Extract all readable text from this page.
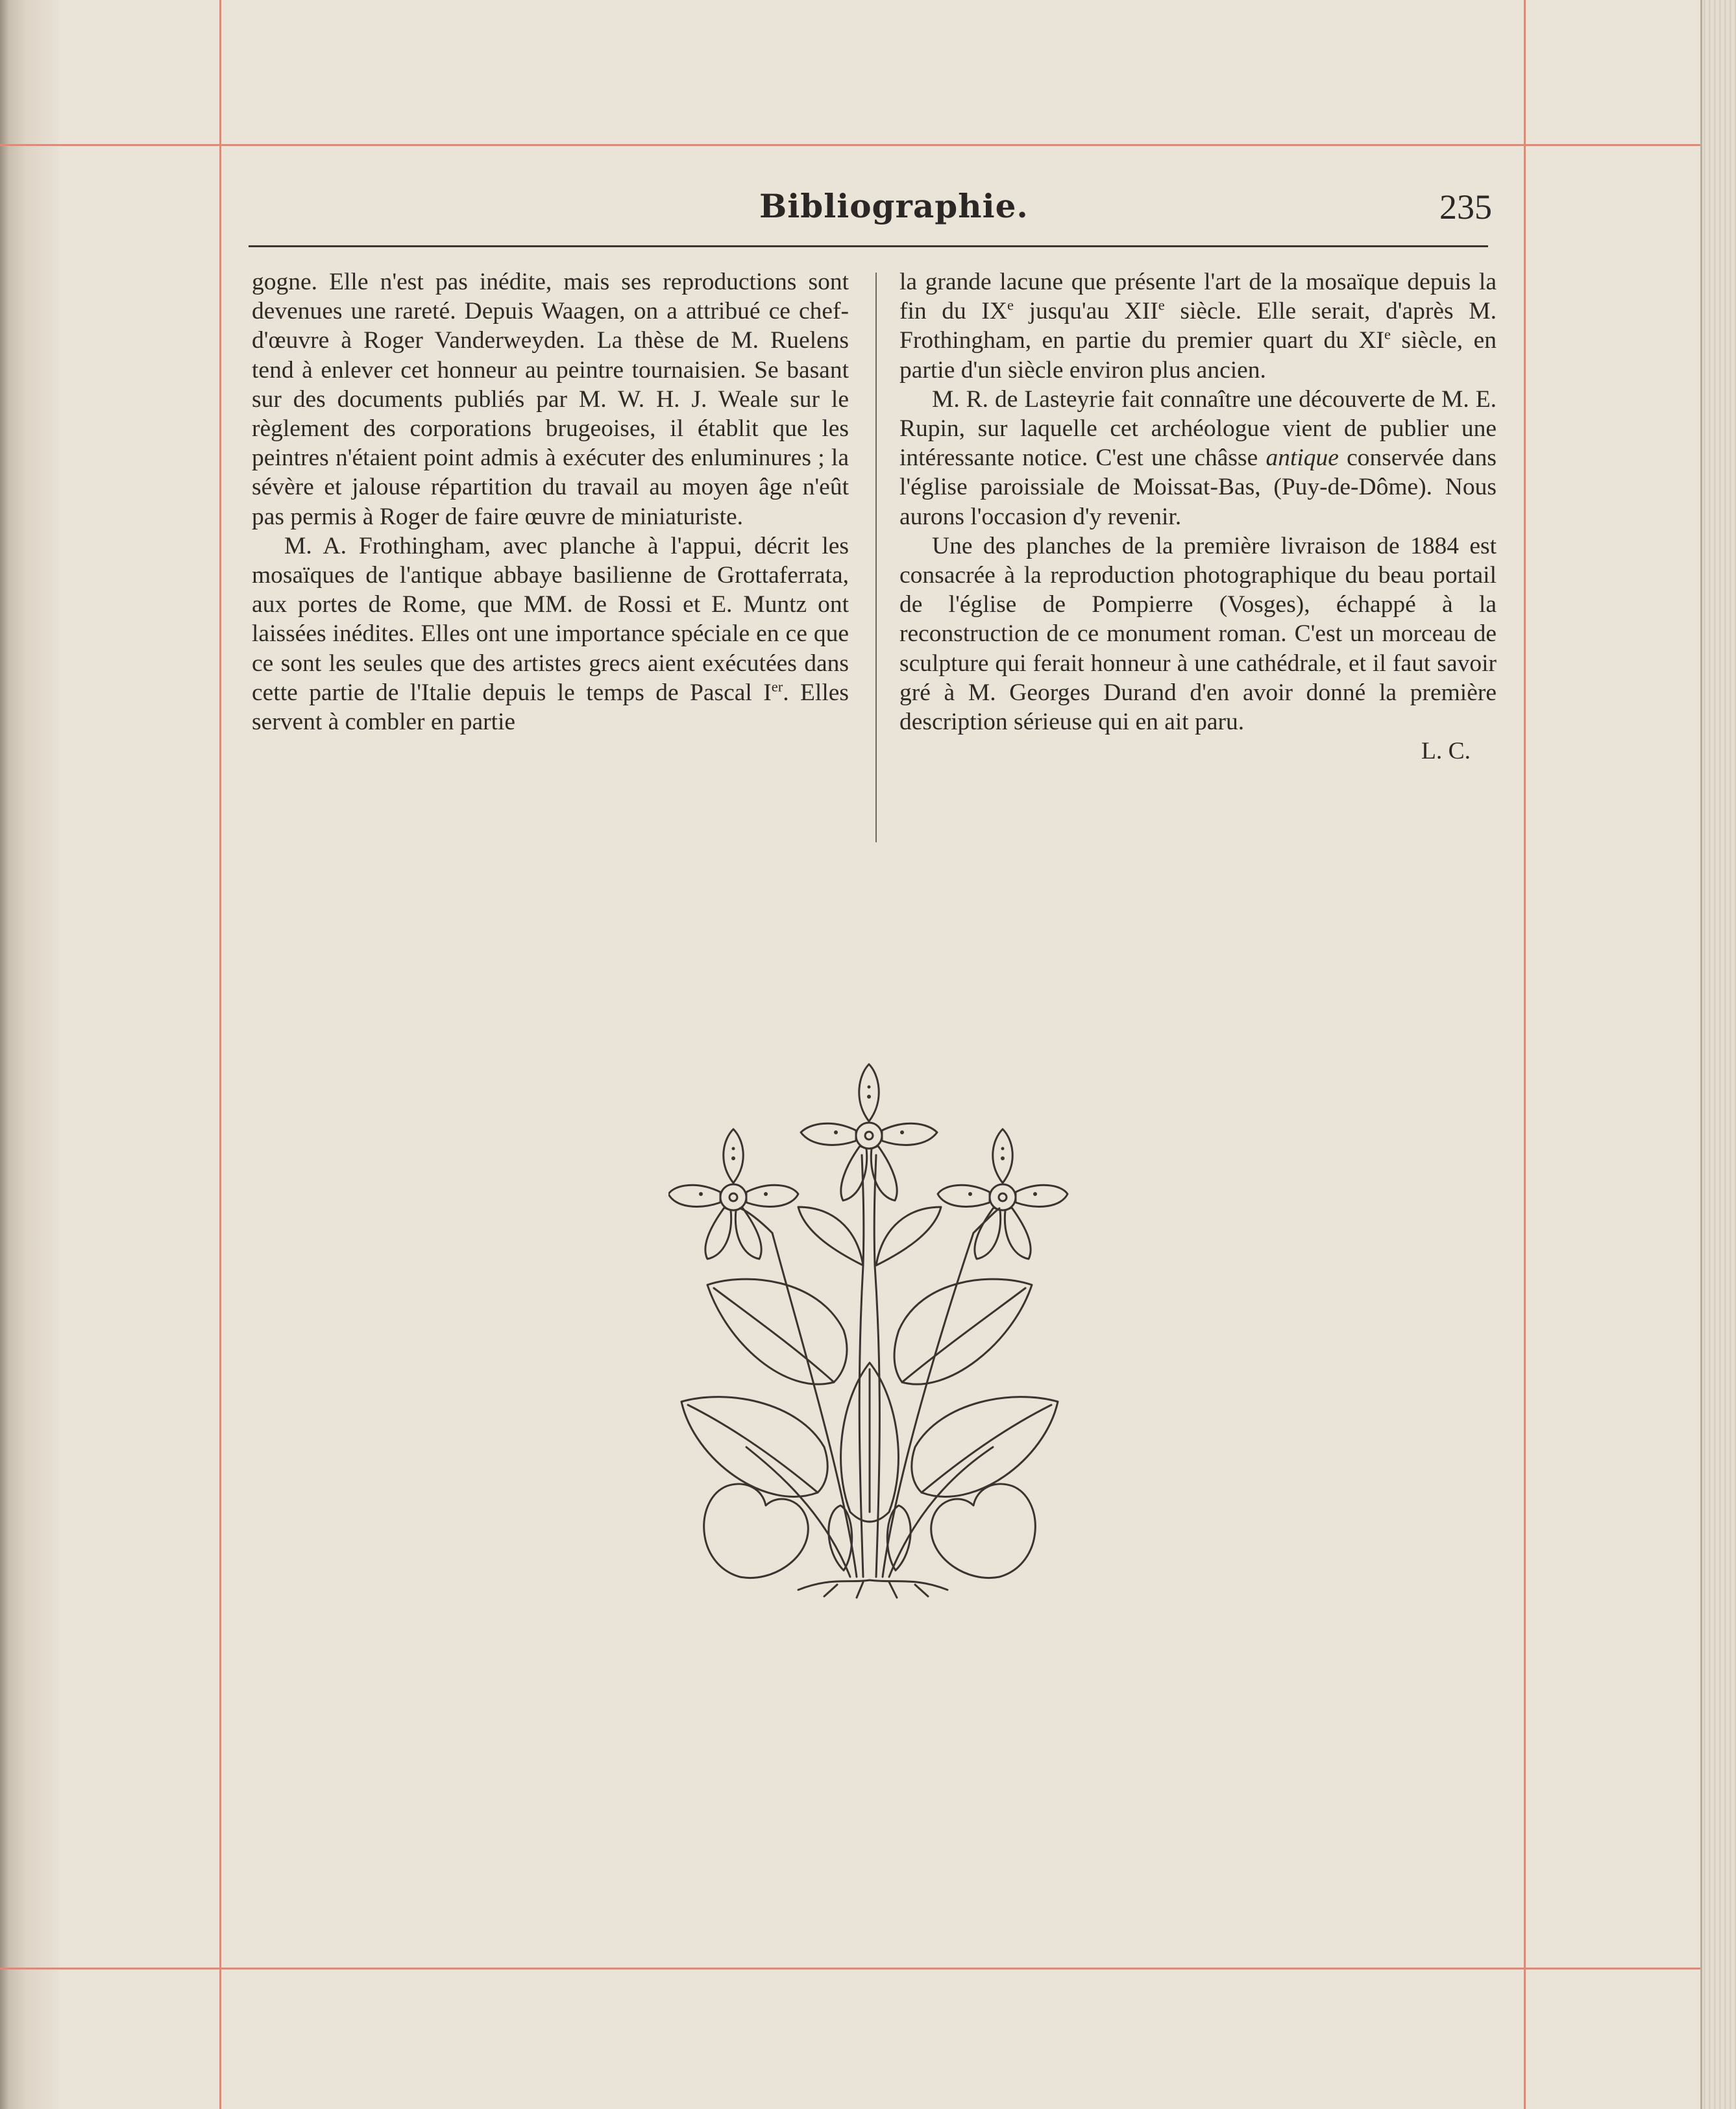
Bibliographie.	235

gogne. Elle n'est pas inédite, mais ses reproductions sont devenues une rareté. Depuis Waagen, on a attribué ce chef-d'œuvre à Roger Vanderweyden. La thèse de M. Ruelens tend à enlever cet honneur au peintre tournaisien. Se basant sur des documents publiés par M. W. H. J. Weale sur le règlement des corporations brugeoises, il établit que les peintres n'étaient point admis à exécuter des enluminures ; la sévère et jalouse répartition du travail au moyen âge n'eût pas permis à Roger de faire œuvre de miniaturiste.

M. A. Frothingham, avec planche à l'appui, décrit les mosaïques de l'antique abbaye basilienne de Grottaferrata, aux portes de Rome, que MM. de Rossi et E. Muntz ont laissées inédites. Elles ont une importance spéciale en ce que ce sont les seules que des artistes grecs aient exécutées dans cette partie de l'Italie depuis le temps de Pascal Ier. Elles servent à combler en partie

la grande lacune que présente l'art de la mosaïque depuis la fin du IXe jusqu'au XIIe siècle. Elle serait, d'après M. Frothingham, en partie du premier quart du XIe siècle, en partie d'un siècle environ plus ancien.

M. R. de Lasteyrie fait connaître une découverte de M. E. Rupin, sur laquelle cet archéologue vient de publier une intéressante notice. C'est une châsse antique conservée dans l'église paroissiale de Moissat-Bas, (Puy-de-Dôme). Nous aurons l'occasion d'y revenir.

Une des planches de la première livraison de 1884 est consacrée à la reproduction photographique du beau portail de l'église de Pompierre (Vosges), échappé à la reconstruction de ce monument roman. C'est un morceau de sculpture qui ferait honneur à une cathédrale, et il faut savoir gré à M. Georges Durand d'en avoir donné la première description sérieuse qui en ait paru.

L. C.
